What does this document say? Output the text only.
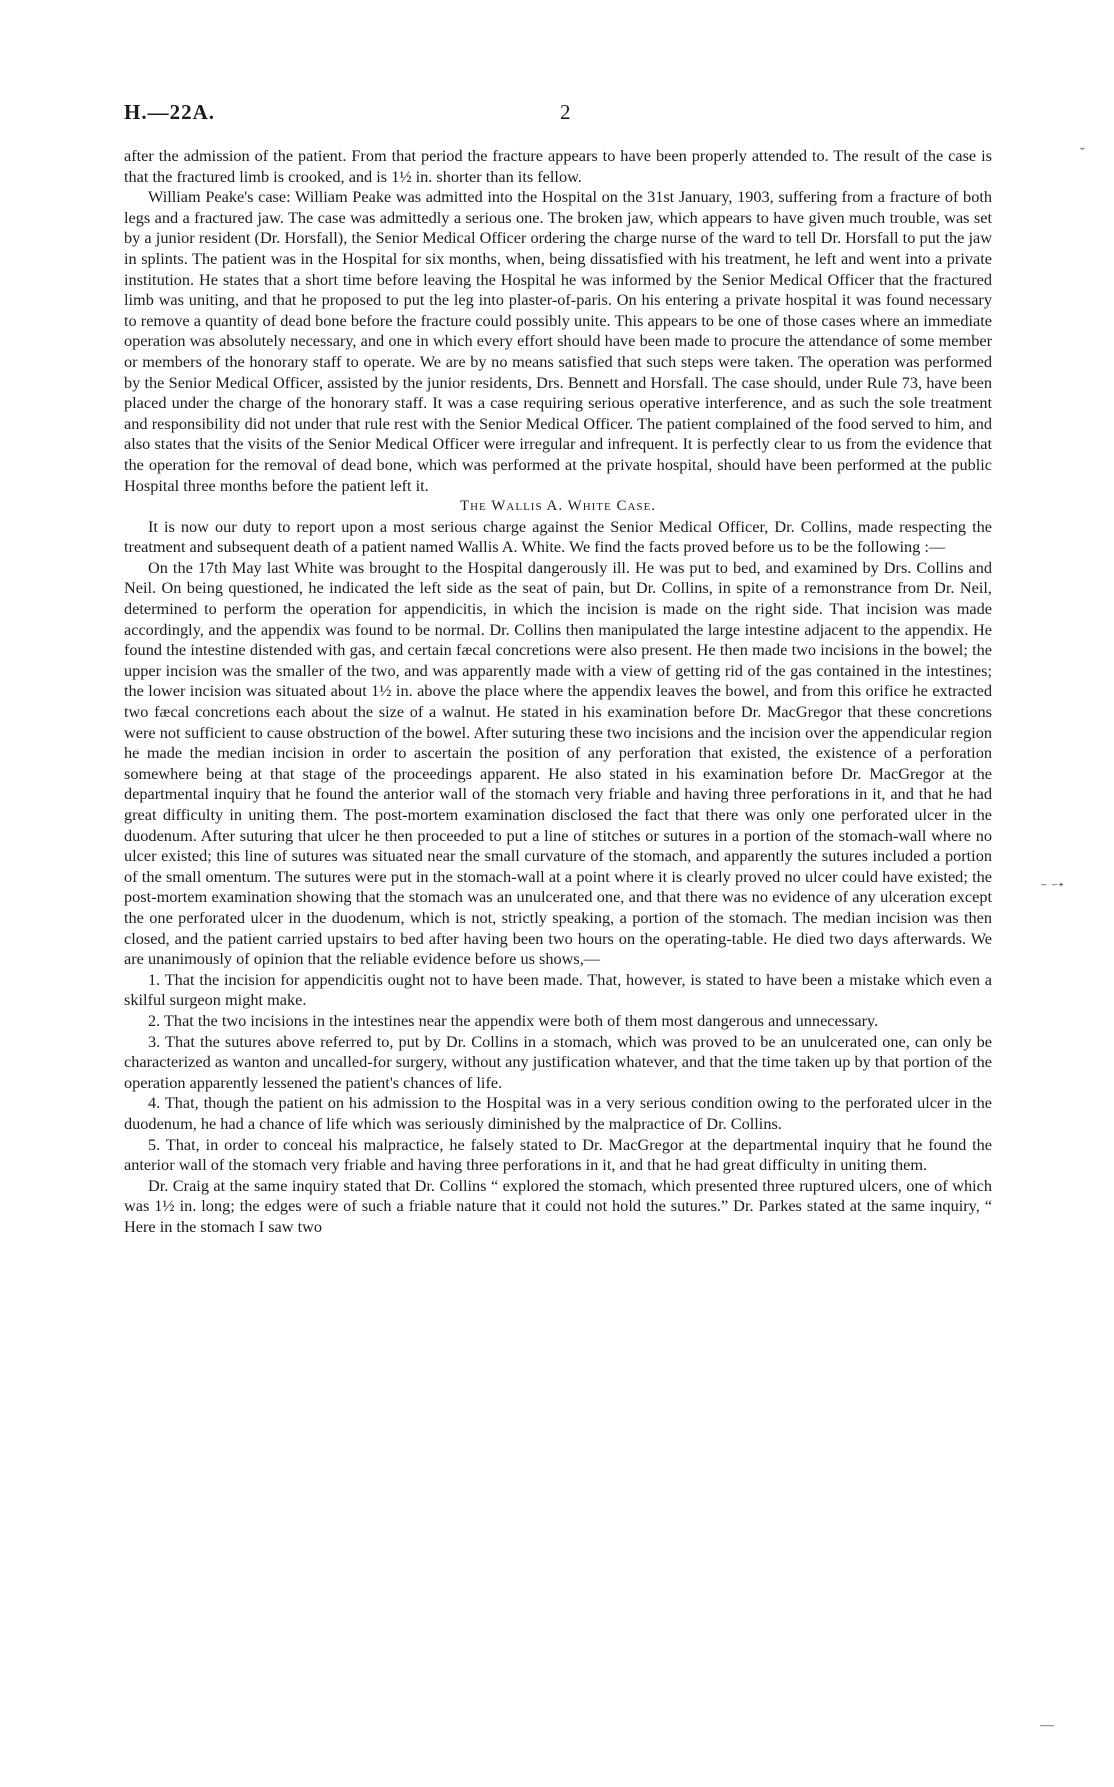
H.—22A.	2

after the admission of the patient. From that period the fracture appears to have been properly attended to. The result of the case is that the fractured limb is crooked, and is 1½ in. shorter than its fellow.

William Peake's case: William Peake was admitted into the Hospital on the 31st January, 1903, suffering from a fracture of both legs and a fractured jaw. The case was admittedly a serious one. The broken jaw, which appears to have given much trouble, was set by a junior resident (Dr. Horsfall), the Senior Medical Officer ordering the charge nurse of the ward to tell Dr. Horsfall to put the jaw in splints. The patient was in the Hospital for six months, when, being dissatisfied with his treatment, he left and went into a private institution. He states that a short time before leaving the Hospital he was informed by the Senior Medical Officer that the fractured limb was uniting, and that he proposed to put the leg into plaster-of-paris. On his entering a private hospital it was found necessary to remove a quantity of dead bone before the fracture could possibly unite. This appears to be one of those cases where an immediate operation was absolutely necessary, and one in which every effort should have been made to procure the attendance of some member or members of the honorary staff to operate. We are by no means satisfied that such steps were taken. The operation was performed by the Senior Medical Officer, assisted by the junior residents, Drs. Bennett and Horsfall. The case should, under Rule 73, have been placed under the charge of the honorary staff. It was a case requiring serious operative interference, and as such the sole treatment and responsibility did not under that rule rest with the Senior Medical Officer. The patient complained of the food served to him, and also states that the visits of the Senior Medical Officer were irregular and infrequent. It is perfectly clear to us from the evidence that the operation for the removal of dead bone, which was performed at the private hospital, should have been performed at the public Hospital three months before the patient left it.

The Wallis A. White Case.

It is now our duty to report upon a most serious charge against the Senior Medical Officer, Dr. Collins, made respecting the treatment and subsequent death of a patient named Wallis A. White. We find the facts proved before us to be the following :—

On the 17th May last White was brought to the Hospital dangerously ill. He was put to bed, and examined by Drs. Collins and Neil. On being questioned, he indicated the left side as the seat of pain, but Dr. Collins, in spite of a remonstrance from Dr. Neil, determined to perform the operation for appendicitis, in which the incision is made on the right side. That incision was made accordingly, and the appendix was found to be normal. Dr. Collins then manipulated the large intestine adjacent to the appendix. He found the intestine distended with gas, and certain fæcal concretions were also present. He then made two incisions in the bowel; the upper incision was the smaller of the two, and was apparently made with a view of getting rid of the gas contained in the intestines; the lower incision was situated about 1½ in. above the place where the appendix leaves the bowel, and from this orifice he extracted two fæcal concretions each about the size of a walnut. He stated in his examination before Dr. MacGregor that these concretions were not sufficient to cause obstruction of the bowel. After suturing these two incisions and the incision over the appendicular region he made the median incision in order to ascertain the position of any perforation that existed, the existence of a perforation somewhere being at that stage of the proceedings apparent. He also stated in his examination before Dr. MacGregor at the departmental inquiry that he found the anterior wall of the stomach very friable and having three perforations in it, and that he had great difficulty in uniting them. The post-mortem examination disclosed the fact that there was only one perforated ulcer in the duodenum. After suturing that ulcer he then proceeded to put a line of stitches or sutures in a portion of the stomach-wall where no ulcer existed; this line of sutures was situated near the small curvature of the stomach, and apparently the sutures included a portion of the small omentum. The sutures were put in the stomach-wall at a point where it is clearly proved no ulcer could have existed; the post-mortem examination showing that the stomach was an unulcerated one, and that there was no evidence of any ulceration except the one perforated ulcer in the duodenum, which is not, strictly speaking, a portion of the stomach. The median incision was then closed, and the patient carried upstairs to bed after having been two hours on the operating-table. He died two days afterwards. We are unanimously of opinion that the reliable evidence before us shows,—

1. That the incision for appendicitis ought not to have been made. That, however, is stated to have been a mistake which even a skilful surgeon might make.

2. That the two incisions in the intestines near the appendix were both of them most dangerous and unnecessary.

3. That the sutures above referred to, put by Dr. Collins in a stomach, which was proved to be an unulcerated one, can only be characterized as wanton and uncalled-for surgery, without any justification whatever, and that the time taken up by that portion of the operation apparently lessened the patient's chances of life.

4. That, though the patient on his admission to the Hospital was in a very serious condition owing to the perforated ulcer in the duodenum, he had a chance of life which was seriously diminished by the malpractice of Dr. Collins.

5. That, in order to conceal his malpractice, he falsely stated to Dr. MacGregor at the departmental inquiry that he found the anterior wall of the stomach very friable and having three perforations in it, and that he had great difficulty in uniting them.

Dr. Craig at the same inquiry stated that Dr. Collins “ explored the stomach, which presented three ruptured ulcers, one of which was 1½ in. long; the edges were of such a friable nature that it could not hold the sutures.” Dr. Parkes stated at the same inquiry, “ Here in the stomach I saw two

˘
⁻ ⁻ᐩ
—
